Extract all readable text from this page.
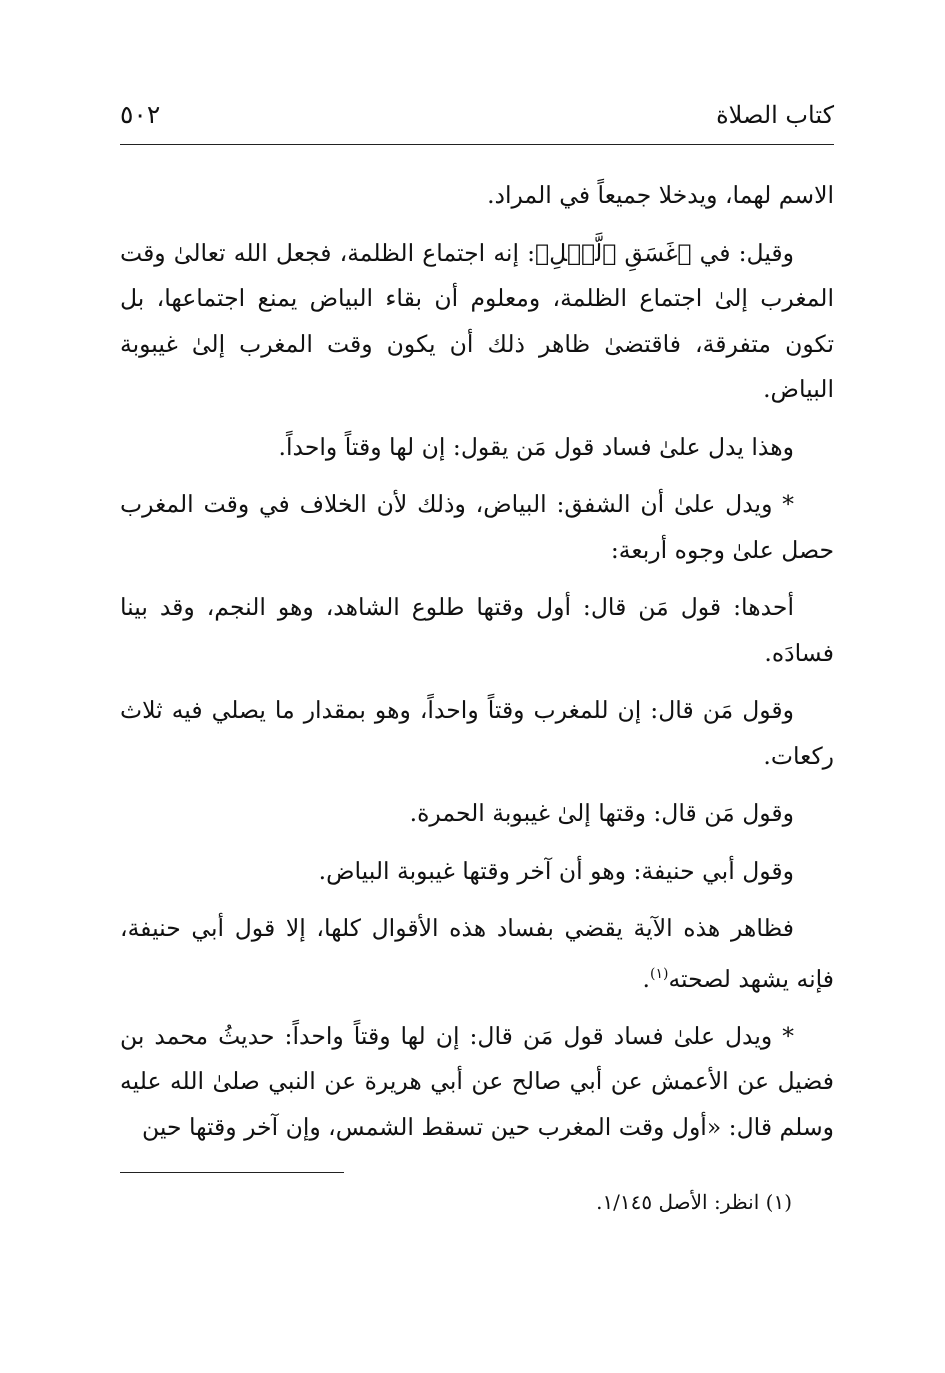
كتاب الصلاة
٥٠٢

الاسم لهما، ويدخلا جميعاً في المراد.

وقيل: في ﴿غَسَقِ ٱلَّيۡلِ﴾: إنه اجتماع الظلمة، فجعل الله تعالىٰ وقت المغرب إلىٰ اجتماع الظلمة، ومعلوم أن بقاء البياض يمنع اجتماعها، بل تكون متفرقة، فاقتضىٰ ظاهر ذلك أن يكون وقت المغرب إلىٰ غيبوبة البياض.

وهذا يدل علىٰ فساد قول مَن يقول: إن لها وقتاً واحداً.

* ويدل علىٰ أن الشفق: البياض، وذلك لأن الخلاف في وقت المغرب حصل علىٰ وجوه أربعة:

أحدها: قول مَن قال: أول وقتها طلوع الشاهد، وهو النجم، وقد بينا فسادَه.

وقول مَن قال: إن للمغرب وقتاً واحداً، وهو بمقدار ما يصلي فيه ثلاث ركعات.

وقول مَن قال: وقتها إلىٰ غيبوبة الحمرة.

وقول أبي حنيفة: وهو أن آخر وقتها غيبوبة البياض.

فظاهر هذه الآية يقضي بفساد هذه الأقوال كلها، إلا قول أبي حنيفة، فإنه يشهد لصحته$^{(١)}$.

* ويدل علىٰ فساد قول مَن قال: إن لها وقتاً واحداً: حديثُ محمد بن فضيل عن الأعمش عن أبي صالح عن أبي هريرة عن النبي صلىٰ الله عليه وسلم قال: «أول وقت المغرب حين تسقط الشمس، وإن آخر وقتها حين

(١) انظر: الأصل ١/١٤٥.
